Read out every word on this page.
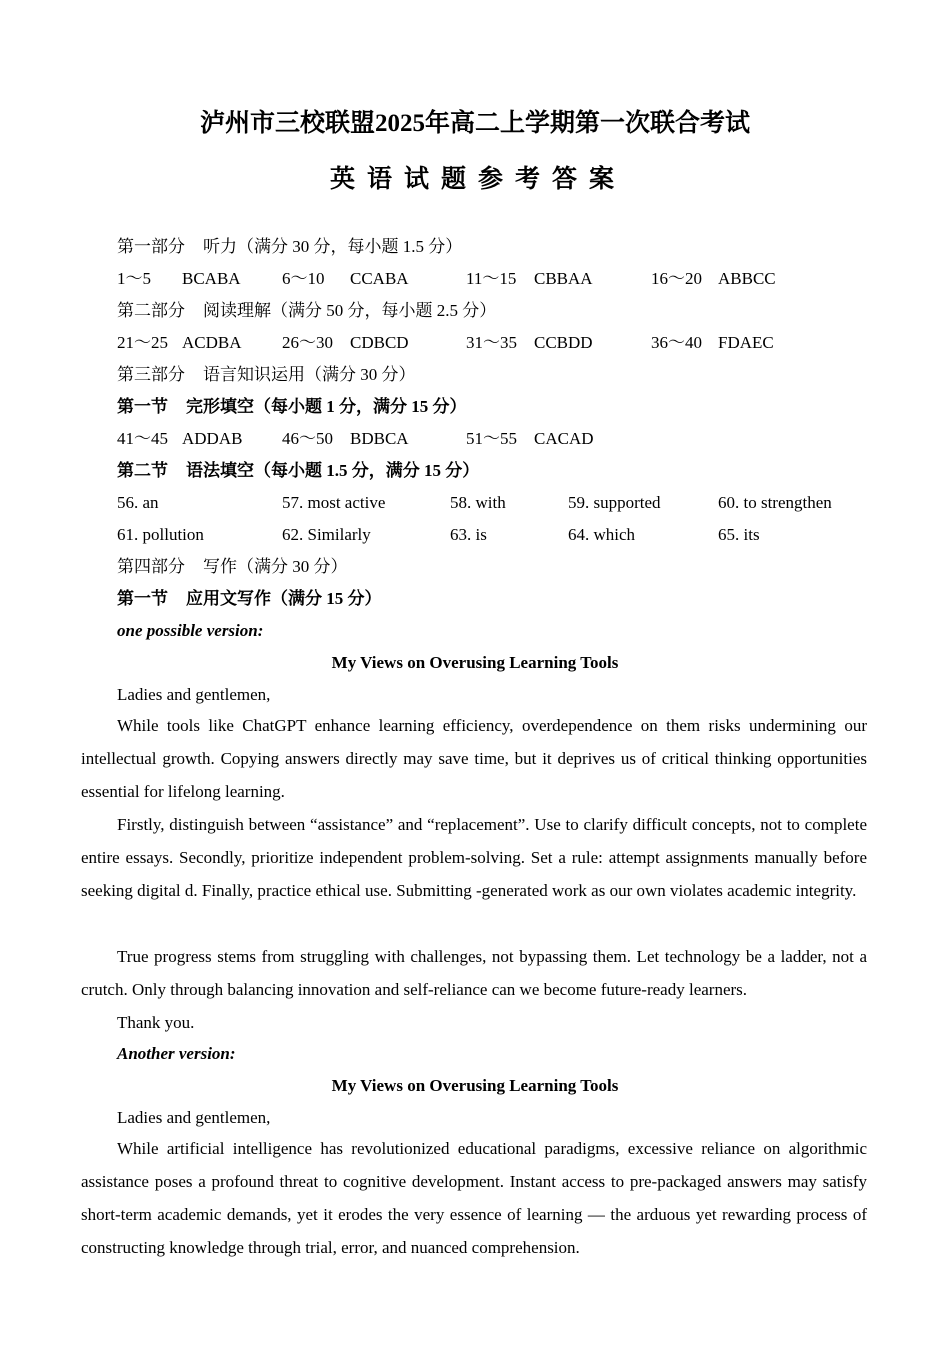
泸州市三校联盟2025年高二上学期第一次联合考试
英语试题参考答案
第一部分 听力（满分 30 分，每小题 1.5 分）
1～5 BCABA 6～10 CCABA	11～15 CBBAA	16～20 ABBCC
第二部分 阅读理解（满分 50 分，每小题 2.5 分）
21～25 ACDBA 26～30 CDBCD	31～35 CCBDD	36～40 FDAEC
第三部分 语言知识运用（满分 30 分）
第一节 完形填空（每小题 1 分，满分 15 分）
41～45 ADDAB 46～50 BDBCA	51～55 CACAD
第二节 语法填空（每小题 1.5 分，满分 15 分）
56. an	57. most active	58. with	59. supported	60. to strengthen
61. pollution	62. Similarly	63. is	64. which	65. its
第四部分 写作（满分 30 分）
第一节 应用文写作（满分 15 分）
one possible version:
My Views on Overusing Learning Tools
Ladies and gentlemen,

While tools like ChatGPT enhance learning efficiency, overdependence on them risks undermining our intellectual growth. Copying answers directly may save time, but it deprives us of critical thinking opportunities essential for lifelong learning.

Firstly, distinguish between “assistance” and “replacement”. Use to clarify difficult concepts, not to complete entire essays. Secondly, prioritize independent problem-solving. Set a rule: attempt assignments manually before seeking digital d. Finally, practice ethical use. Submitting -generated work as our own violates academic integrity.

True progress stems from struggling with challenges, not bypassing them. Let technology be a ladder, not a crutch. Only through balancing innovation and self-reliance can we become future-ready learners.

Thank you.
Another version:
My Views on Overusing Learning Tools
Ladies and gentlemen,

While artificial intelligence has revolutionized educational paradigms, excessive reliance on algorithmic assistance poses a profound threat to cognitive development. Instant access to pre-packaged answers may satisfy short-term academic demands, yet it erodes the very essence of learning — the arduous yet rewarding process of constructing knowledge through trial, error, and nuanced comprehension.
